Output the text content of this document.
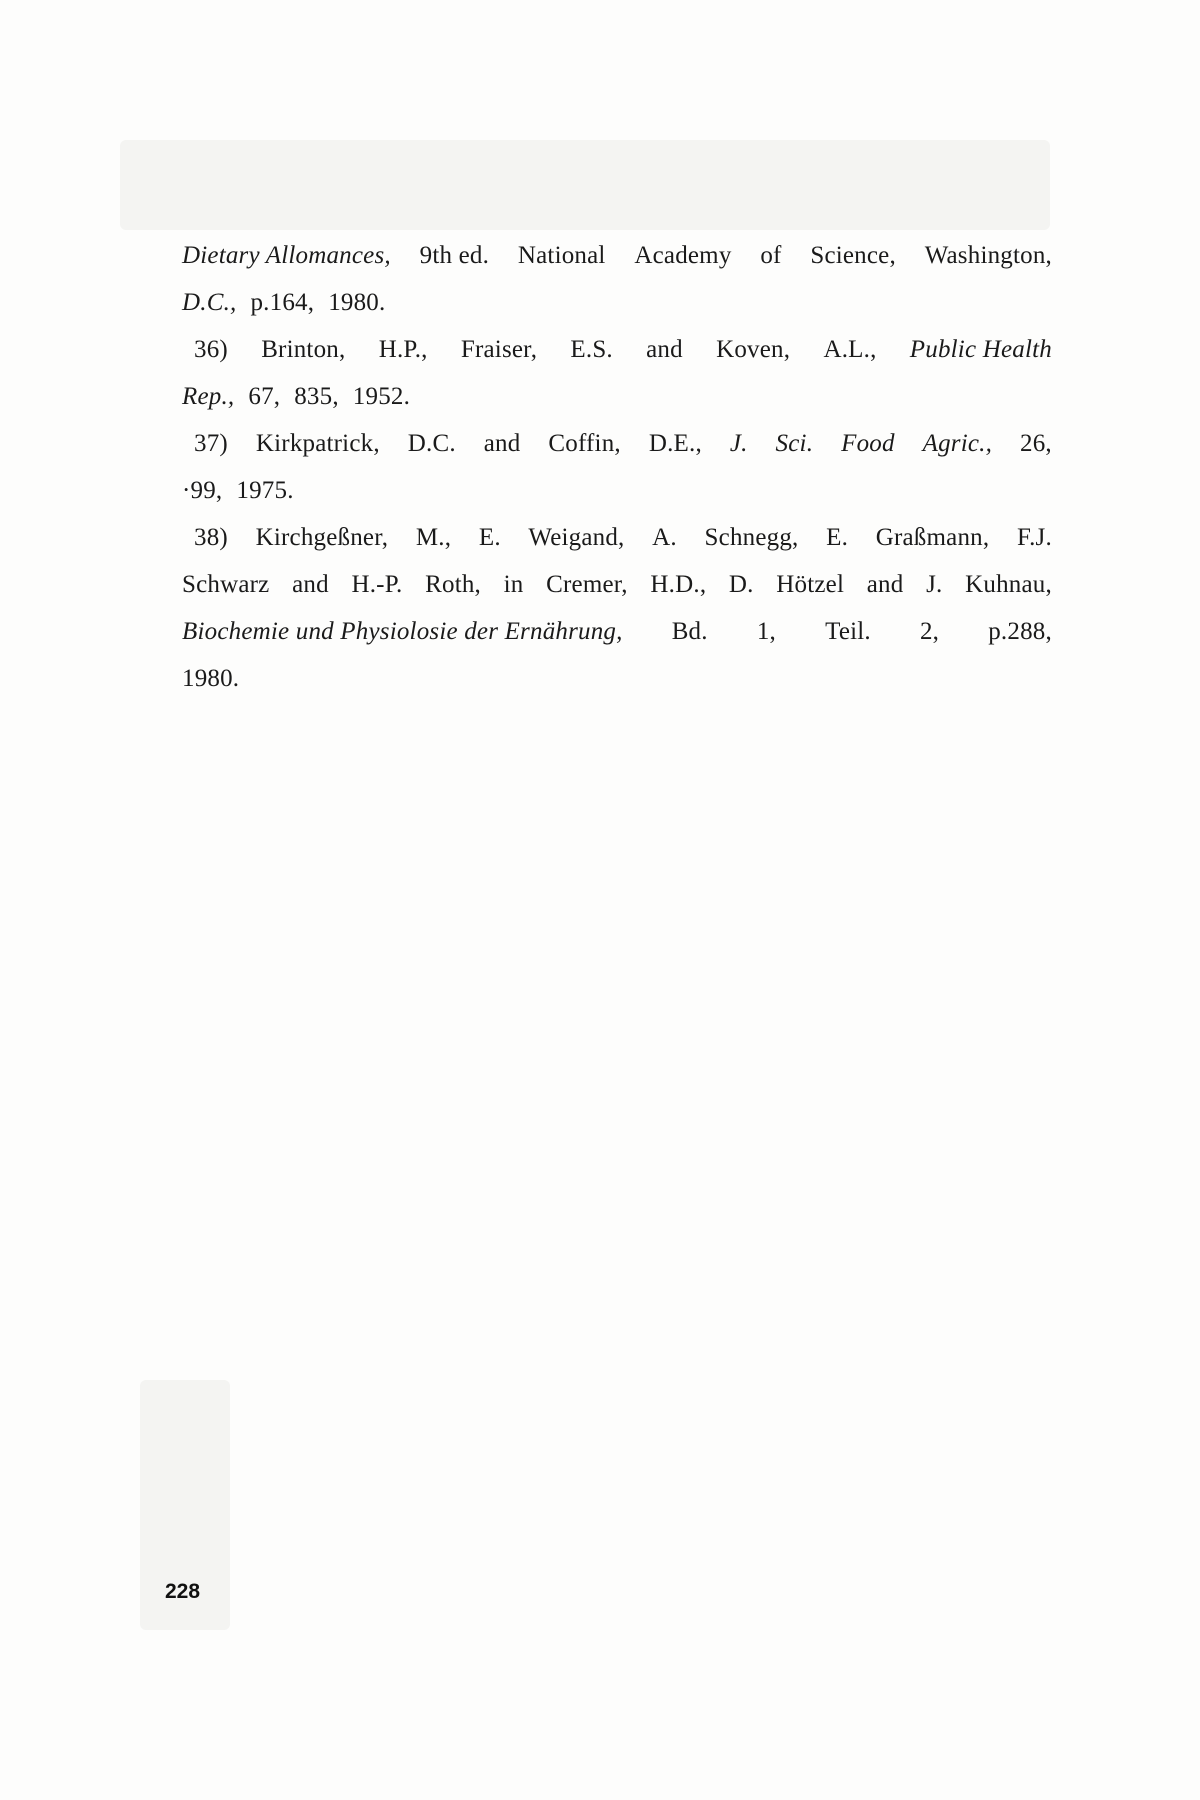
Dietary Allomances, 9th ed. National Academy of Science, Washington,
D.C., p.164, 1980.
36) Brinton, H.P., Fraiser, E.S. and Koven, A.L., Public Health
Rep., 67, 835, 1952.
37) Kirkpatrick, D.C. and Coffin, D.E., J. Sci. Food Agric., 26,
·99, 1975.
38) Kirchgeßner, M., E. Weigand, A. Schnegg, E. Graßmann, F.J.
Schwarz and H.-P. Roth, in Cremer, H.D., D. Hötzel and J. Kuhnau,
Biochemie und Physiolosie der Ernährung, Bd. 1, Teil. 2, p.288,
1980.
228
